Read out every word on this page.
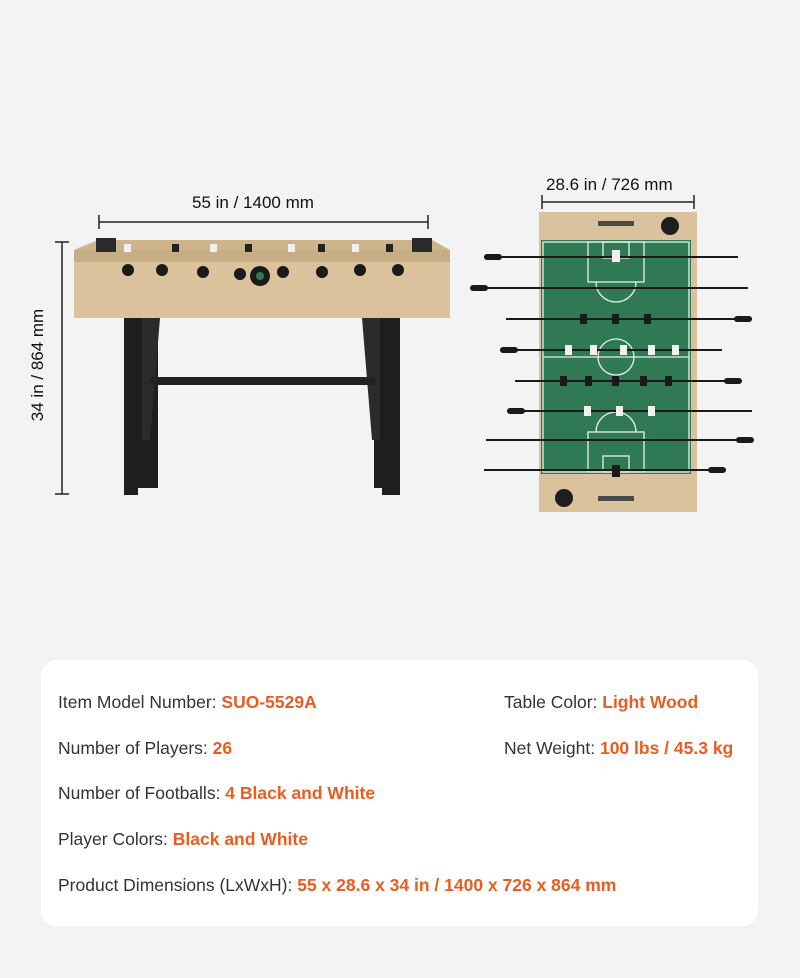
55 in / 1400 mm
28.6 in / 726 mm
Item Model Number: SUO-5529A	Table Color: Light Wood
Number of Players: 26	Net Weight: 100 lbs / 45.3 kg
Number of Footballs: 4 Black and White
Player Colors: Black and White
Product Dimensions (LxWxH): 55 x 28.6 x 34 in / 1400 x 726 x 864 mm
